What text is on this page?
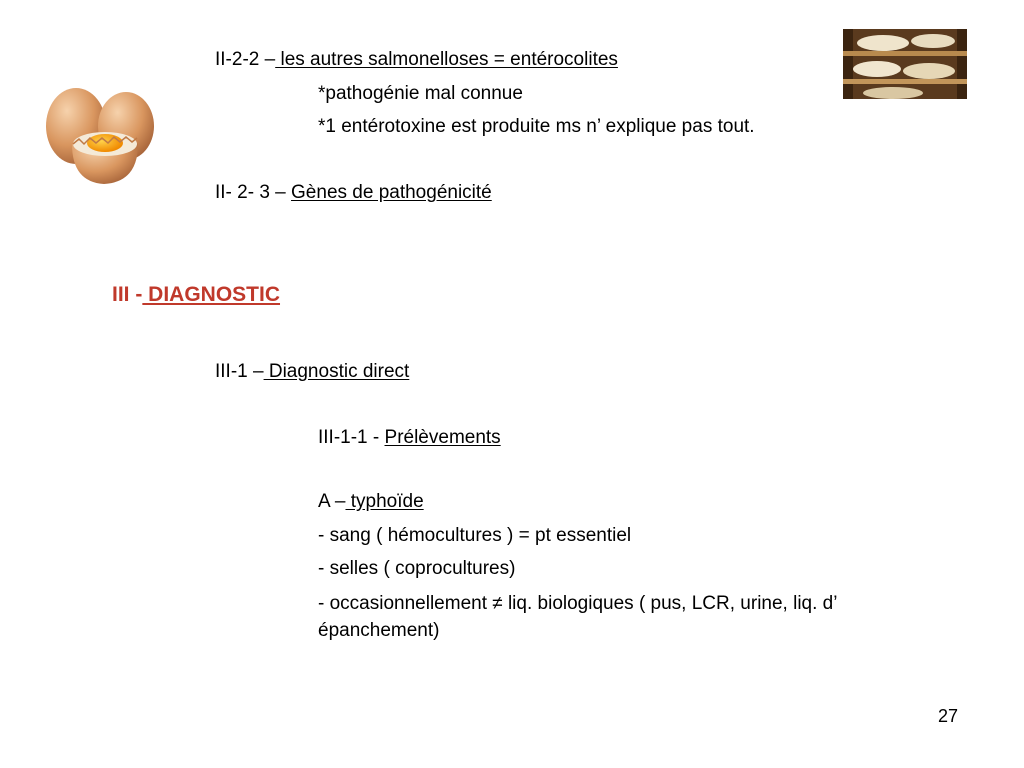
II-2-2 – les autres salmonelloses = entérocolites
*pathogénie mal connue
*1 entérotoxine est produite ms n’ explique pas tout.
II- 2- 3 – Gènes de pathogénicité
III - DIAGNOSTIC
III-1 – Diagnostic direct
III-1-1 - Prélèvements
A – typhoïde
- sang ( hémocultures ) = pt essentiel
- selles ( coprocultures)
- occasionnellement ≠ liq. biologiques ( pus, LCR, urine, liq. d’ épanchement)
27
